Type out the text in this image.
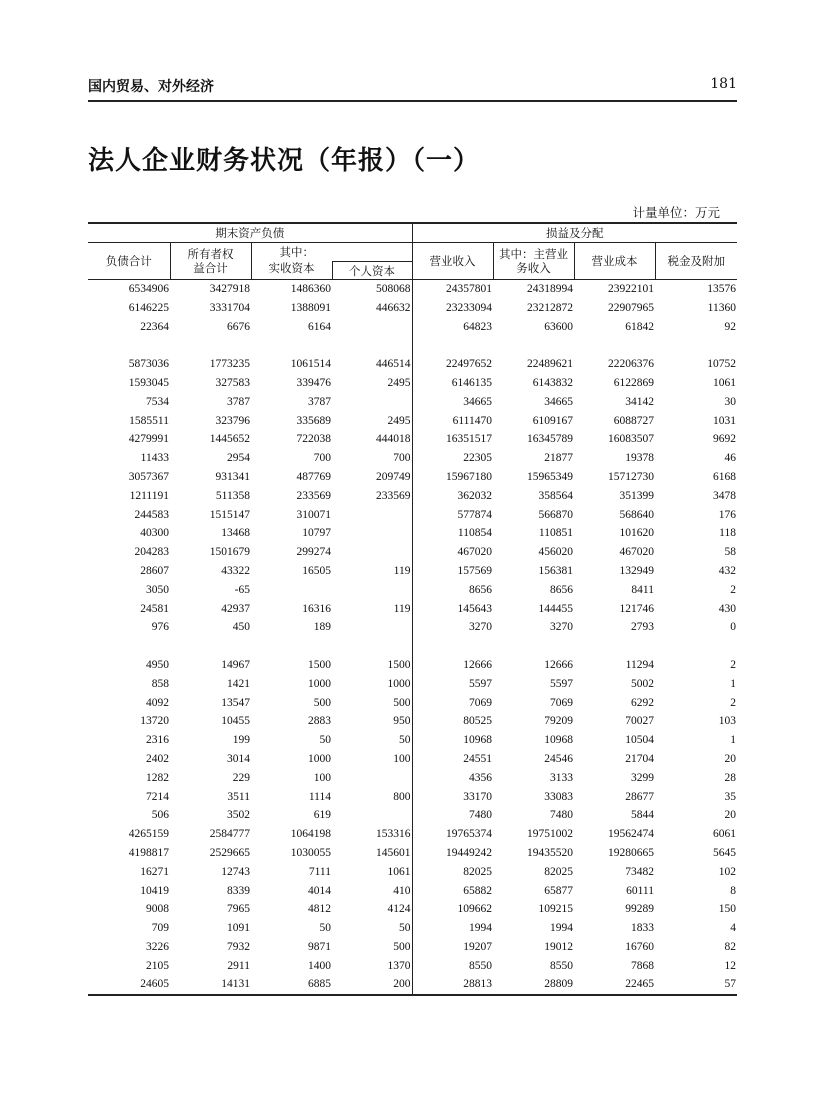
国内贸易、对外经济	181
法人企业财务状况（年报）（一）
计量单位：万元
期末资产负债				损益及分配			
负债合计	所有者权益合计	其中：		营业收入	其中：主营业务收入	营业成本	税金及附加
		实收资本	个人资本				
6534906	3427918	1486360	508068	24357801	24318994	23922101	13576
6146225	3331704	1388091	446632	23233094	23212872	22907965	11360
22364	6676	6164		64823	63600	61842	92

5873036	1773235	1061514	446514	22497652	22489621	22206376	10752
1593045	327583	339476	2495	6146135	6143832	6122869	1061
7534	3787	3787		34665	34665	34142	30
1585511	323796	335689	2495	6111470	6109167	6088727	1031
4279991	1445652	722038	444018	16351517	16345789	16083507	9692
11433	2954	700	700	22305	21877	19378	46
3057367	931341	487769	209749	15967180	15965349	15712730	6168
1211191	511358	233569	233569	362032	358564	351399	3478
244583	1515147	310071		577874	566870	568640	176
40300	13468	10797		110854	110851	101620	118
204283	1501679	299274		467020	456020	467020	58
28607	43322	16505	119	157569	156381	132949	432
3050	-65			8656	8656	8411	2
24581	42937	16316	119	145643	144455	121746	430
976	450	189		3270	3270	2793	0

4950	14967	1500	1500	12666	12666	11294	2
858	1421	1000	1000	5597	5597	5002	1
4092	13547	500	500	7069	7069	6292	2
13720	10455	2883	950	80525	79209	70027	103
2316	199	50	50	10968	10968	10504	1
2402	3014	1000	100	24551	24546	21704	20
1282	229	100		4356	3133	3299	28
7214	3511	1114	800	33170	33083	28677	35
506	3502	619		7480	7480	5844	20
4265159	2584777	1064198	153316	19765374	19751002	19562474	6061
4198817	2529665	1030055	145601	19449242	19435520	19280665	5645
16271	12743	7111	1061	82025	82025	73482	102
10419	8339	4014	410	65882	65877	60111	8
9008	7965	4812	4124	109662	109215	99289	150
709	1091	50	50	1994	1994	1833	4
3226	7932	9871	500	19207	19012	16760	82
2105	2911	1400	1370	8550	8550	7868	12
24605	14131	6885	200	28813	28809	22465	57
